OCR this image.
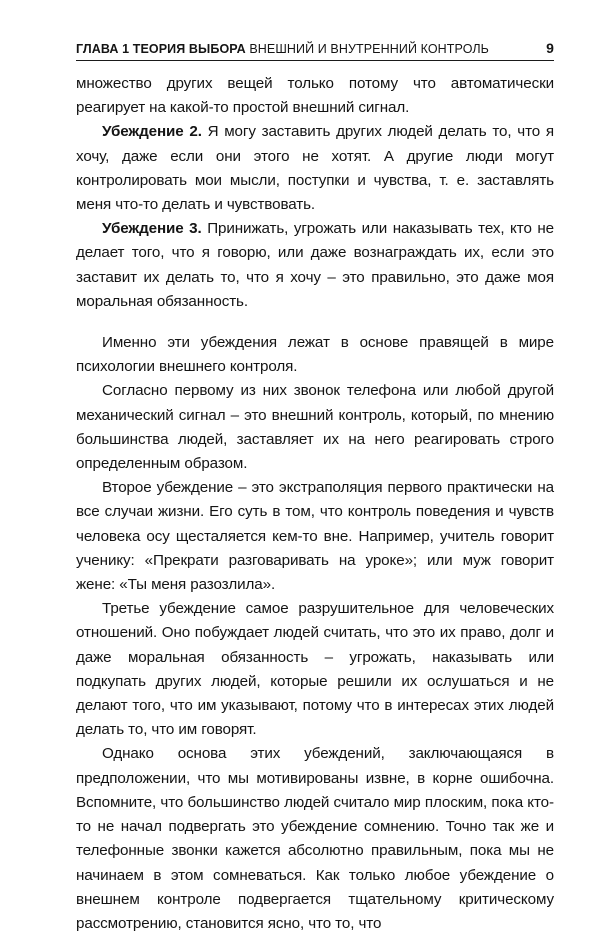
ГЛАВА 1 ТЕОРИЯ ВЫБОРА ВНЕШНИЙ И ВНУТРЕННИЙ КОНТРОЛЬ	9

множество других вещей только потому что автоматически реагирует на какой-то простой внешний сигнал.

Убеждение 2. Я могу заставить других людей делать то, что я хочу, даже если они этого не хотят. А другие люди могут контролировать мои мысли, поступки и чувства, т. е. заставлять меня что-то делать и чувствовать.

Убеждение 3. Принижать, угрожать или наказывать тех, кто не делает того, что я говорю, или даже вознаграждать их, если это заставит их делать то, что я хочу – это правильно, это даже моя моральная обязанность.

Именно эти убеждения лежат в основе правящей в мире психологии внешнего контроля.

Согласно первому из них звонок телефона или любой другой механический сигнал – это внешний контроль, который, по мнению большинства людей, заставляет их на него реагировать строго определенным образом.

Второе убеждение – это экстраполяция первого практически на все случаи жизни. Его суть в том, что контроль поведения и чувств человека осу щесталяется кем-то вне. Например, учитель говорит ученику: «Прекрати разговаривать на уроке»; или муж говорит жене: «Ты меня разозлила».

Третье убеждение самое разрушительное для человеческих отношений. Оно побуждает людей считать, что это их право, долг и даже моральная обязанность – угрожать, наказывать или подкупать других людей, которые решили их ослушаться и не делают того, что им указывают, потому что в интересах этих людей делать то, что им говорят.

Однако основа этих убеждений, заключающаяся в предположении, что мы мотивированы извне, в корне ошибочна. Вспомните, что большинство людей считало мир плоским, пока кто-то не начал подвергать это убеждение сомнению. Точно так же и телефонные звонки кажется абсолютно правильным, пока мы не начинаем в этом сомневаться. Как только любое убеждение о внешнем контроле подвергается тщательному критическому рассмотрению, становится ясно, что то, что
